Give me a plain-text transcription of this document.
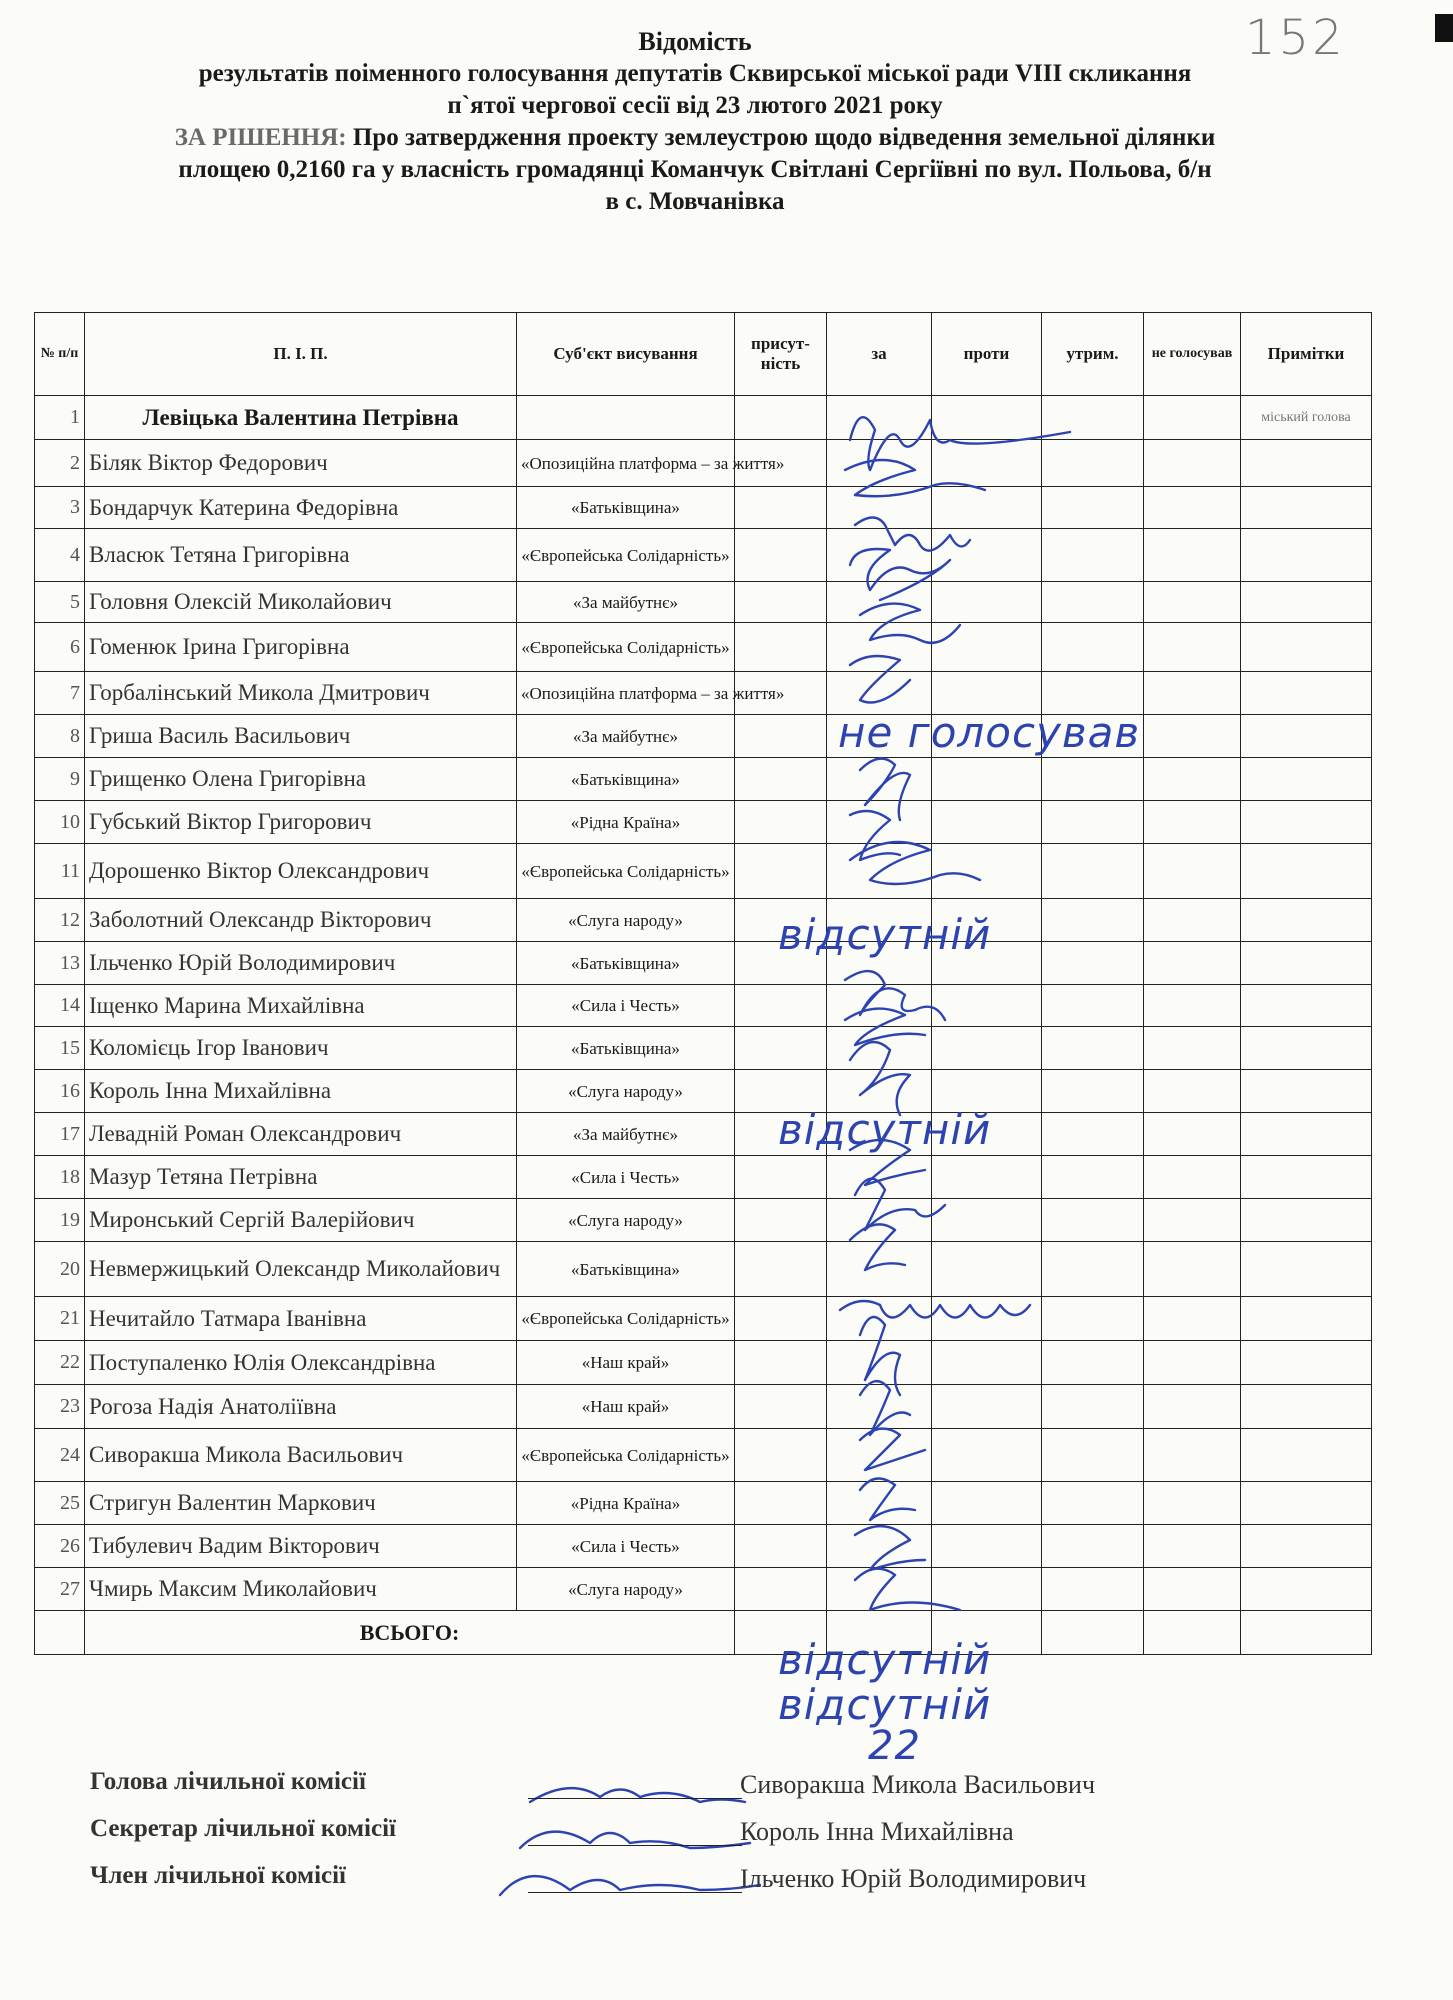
152
Відомість
результатів поіменного голосування депутатів Сквирської міської ради VIII скликання
п`ятої чергової сесії від 23 лютого 2021 року
ЗА РІШЕННЯ: Про затвердження проекту землеустрою щодо відведення земельної ділянки
площею 0,2160 га у власність громадянці Команчук Світлані Сергіївні по вул. Польова, б/н
в с. Мовчанівка
№ п/п	П. І. П.	Суб'єкт висування	присут-ність	за	проти	утрим.	не голосував	Примітки
1	Левіцька Валентина Петрівна							міський голова
2	Біляк Віктор Федорович	«Опозиційна платформа – за життя»						
3	Бондарчук Катерина Федорівна	«Батьківщина»						
4	Власюк Тетяна Григорівна	«Європейська Солідарність»						
5	Головня Олексій Миколайович	«За майбутнє»						
6	Гоменюк Ірина Григорівна	«Європейська Солідарність»						
7	Горбалінський Микола Дмитрович	«Опозиційна платформа – за життя»						
8	Гриша Василь Васильович	«За майбутнє»						
9	Грищенко Олена Григорівна	«Батьківщина»						
10	Губський Віктор Григорович	«Рідна Країна»						
11	Дорошенко Віктор Олександрович	«Європейська Солідарність»						
12	Заболотний Олександр Вікторович	«Слуга народу»						
13	Ільченко Юрій Володимирович	«Батьківщина»						
14	Іщенко Марина Михайлівна	«Сила і Честь»						
15	Коломієць Ігор Іванович	«Батьківщина»						
16	Король Інна Михайлівна	«Слуга народу»						
17	Левадній Роман Олександрович	«За майбутнє»						
18	Мазур Тетяна Петрівна	«Сила і Честь»						
19	Миронський Сергій Валерійович	«Слуга народу»						
20	Невмержицький Олександр Миколайович	«Батьківщина»						
21	Нечитайло Татмара Іванівна	«Європейська Солідарність»						
22	Поступаленко Юлія Олександрівна	«Наш край»						
23	Рогоза Надія Анатоліївна	«Наш край»						
24	Сиворакша Микола Васильович	«Європейська Солідарність»						
25	Стригун Валентин Маркович	«Рідна Країна»						
26	Тибулевич Вадим Вікторович	«Сила і Честь»						
27	Чмирь Максим Миколайович	«Слуга народу»						
	ВСЬОГО:							
не голосував
відсутній
відсутній
відсутній
відсутній
22
Голова лічильної комісії	Сиворакша Микола Васильович
Секретар лічильної комісії	Король Інна Михайлівна
Член лічильної комісії	Ільченко Юрій Володимирович
